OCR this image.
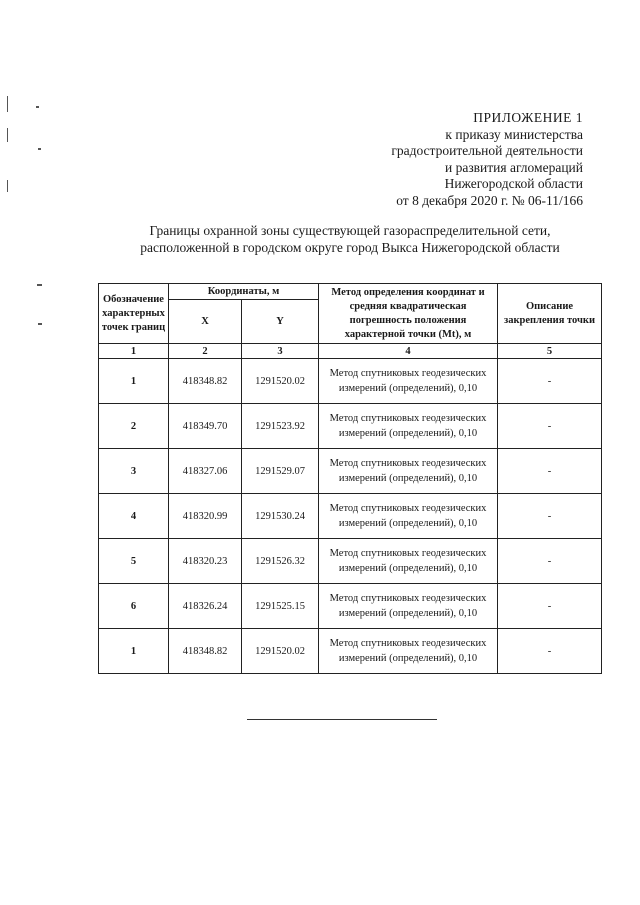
ПРИЛОЖЕНИЕ 1
к приказу министерства
градостроительной деятельности
и развития агломераций
Нижегородской области
от 8 декабря 2020 г. № 06-11/166
Границы охранной зоны существующей газораспределительной сети,
расположенной в городском округе город Выкса Нижегородской области
Обозначение характерных точек границ	Координаты, м		Метод определения координат и средняя квадратическая погрешность положения характерной точки (Mt), м	Описание закрепления точки
	X	Y		
1	2	3	4	5
1	418348.82	1291520.02	Метод спутниковых геодезических измерений (определений), 0,10	-
2	418349.70	1291523.92	Метод спутниковых геодезических измерений (определений), 0,10	-
3	418327.06	1291529.07	Метод спутниковых геодезических измерений (определений), 0,10	-
4	418320.99	1291530.24	Метод спутниковых геодезических измерений (определений), 0,10	-
5	418320.23	1291526.32	Метод спутниковых геодезических измерений (определений), 0,10	-
6	418326.24	1291525.15	Метод спутниковых геодезических измерений (определений), 0,10	-
1	418348.82	1291520.02	Метод спутниковых геодезических измерений (определений), 0,10	-
